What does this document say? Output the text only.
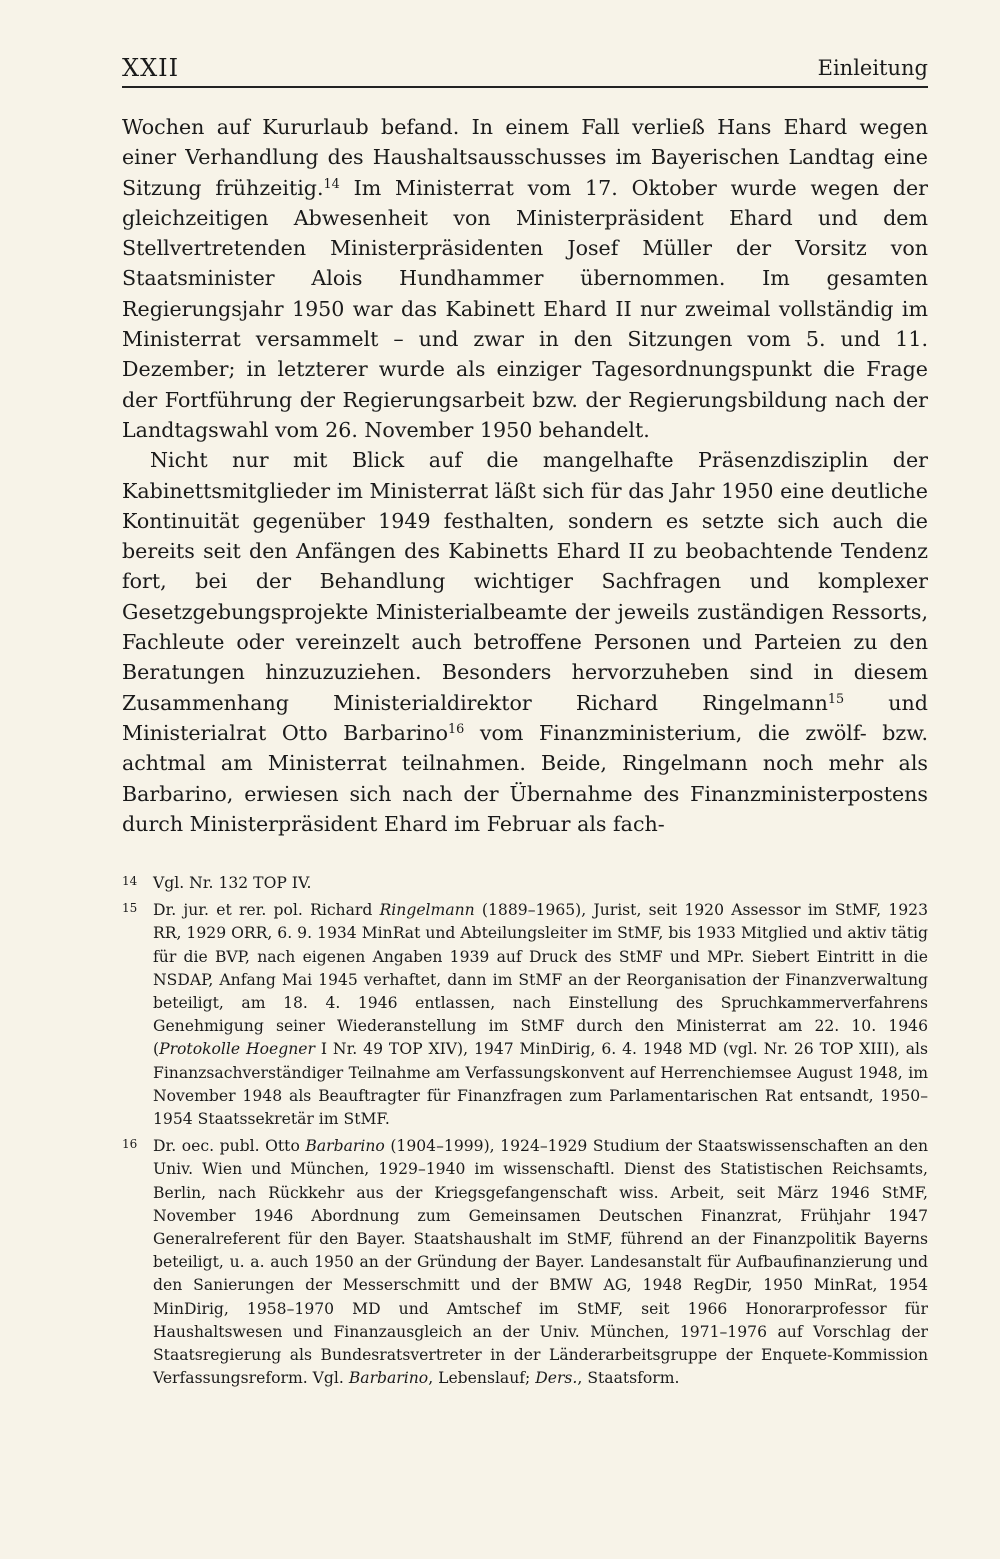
XXII	Einleitung

Wochen auf Kururlaub befand. In einem Fall verließ Hans Ehard wegen einer Verhandlung des Haushaltsausschusses im Bayerischen Landtag eine Sitzung frühzeitig.$^{14}$ Im Ministerrat vom 17. Oktober wurde wegen der gleichzeitigen Abwesenheit von Ministerpräsident Ehard und dem Stellvertretenden Ministerpräsidenten Josef Müller der Vorsitz von Staatsminister Alois Hundhammer übernommen. Im gesamten Regierungsjahr 1950 war das Kabinett Ehard II nur zweimal vollständig im Ministerrat versammelt – und zwar in den Sitzungen vom 5. und 11. Dezember; in letzterer wurde als einziger Tagesordnungspunkt die Frage der Fortführung der Regierungsarbeit bzw. der Regierungsbildung nach der Landtagswahl vom 26. November 1950 behandelt.

Nicht nur mit Blick auf die mangelhafte Präsenzdisziplin der Kabinettsmitglieder im Ministerrat läßt sich für das Jahr 1950 eine deutliche Kontinuität gegenüber 1949 festhalten, sondern es setzte sich auch die bereits seit den Anfängen des Kabinetts Ehard II zu beobachtende Tendenz fort, bei der Behandlung wichtiger Sachfragen und komplexer Gesetzgebungsprojekte Ministerialbeamte der jeweils zuständigen Ressorts, Fachleute oder vereinzelt auch betroffene Personen und Parteien zu den Beratungen hinzuzuziehen. Besonders hervorzuheben sind in diesem Zusammenhang Ministerialdirektor Richard Ringelmann$^{15}$ und Ministerialrat Otto Barbarino$^{16}$ vom Finanzministerium, die zwölf- bzw. achtmal am Ministerrat teilnahmen. Beide, Ringelmann noch mehr als Barbarino, erwiesen sich nach der Übernahme des Finanzministerpostens durch Ministerpräsident Ehard im Februar als fach-

14 Vgl. Nr. 132 TOP IV.
15 Dr. jur. et rer. pol. Richard Ringelmann (1889–1965), Jurist, seit 1920 Assessor im StMF, 1923 RR, 1929 ORR, 6. 9. 1934 MinRat und Abteilungsleiter im StMF, bis 1933 Mitglied und aktiv tätig für die BVP, nach eigenen Angaben 1939 auf Druck des StMF und MPr. Siebert Eintritt in die NSDAP, Anfang Mai 1945 verhaftet, dann im StMF an der Reorganisation der Finanzverwaltung beteiligt, am 18. 4. 1946 entlassen, nach Einstellung des Spruchkammerverfahrens Genehmigung seiner Wiederanstellung im StMF durch den Ministerrat am 22. 10. 1946 (Protokolle Hoegner I Nr. 49 TOP XIV), 1947 MinDirig, 6. 4. 1948 MD (vgl. Nr. 26 TOP XIII), als Finanzsachverständiger Teilnahme am Verfassungskonvent auf Herrenchiemsee August 1948, im November 1948 als Beauftragter für Finanzfragen zum Parlamentarischen Rat entsandt, 1950–1954 Staatssekretär im StMF.
16 Dr. oec. publ. Otto Barbarino (1904–1999), 1924–1929 Studium der Staatswissenschaften an den Univ. Wien und München, 1929–1940 im wissenschaftl. Dienst des Statistischen Reichsamts, Berlin, nach Rückkehr aus der Kriegsgefangenschaft wiss. Arbeit, seit März 1946 StMF, November 1946 Abordnung zum Gemeinsamen Deutschen Finanzrat, Frühjahr 1947 Generalreferent für den Bayer. Staatshaushalt im StMF, führend an der Finanzpolitik Bayerns beteiligt, u. a. auch 1950 an der Gründung der Bayer. Landesanstalt für Aufbaufinanzierung und den Sanierungen der Messerschmitt und der BMW AG, 1948 RegDir, 1950 MinRat, 1954 MinDirig, 1958–1970 MD und Amtschef im StMF, seit 1966 Honorarprofessor für Haushaltswesen und Finanzausgleich an der Univ. München, 1971–1976 auf Vorschlag der Staatsregierung als Bundesratsvertreter in der Länderarbeitsgruppe der Enquete-Kommission Verfassungsreform. Vgl. Barbarino, Lebenslauf; Ders., Staatsform.
